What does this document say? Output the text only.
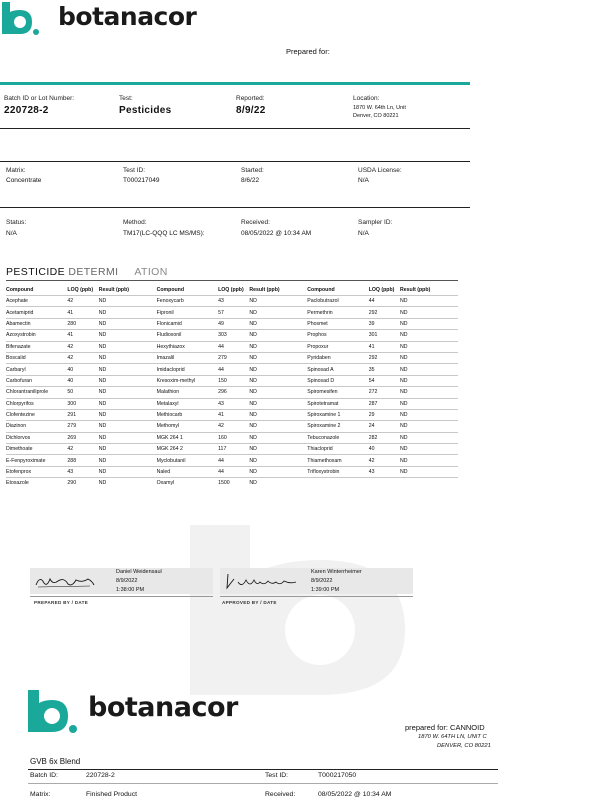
botanacor
Prepared for:
Batch ID or Lot Number:
220728-2
Test:
Pesticides
Reported:
8/9/22
Location:
1870 W. 64th Ln, Unit
Denver, CO 80221
Matrix:
Concentrate
Test ID:
T000217049
Started:
8/6/22
USDA License:
N/A
Status:
N/A
Method:
TM17(LC-QQQ LC MS/MS):
Received:
08/05/2022 @ 10:34 AM
Sampler ID:
N/A
PESTICIDE DETERMI ATION
Compound	LOQ (ppb)	Result (ppb)	Compound	LOQ (ppb)	Result (ppb)	Compound	LOQ (ppb)	Result (ppb)
Acephate	42	ND	Fenoxycarb	43	ND	Paclobutrazol	44	ND
Acetamiprid	41	ND	Fipronil	57	ND	Permethrin	292	ND
Abamectin	280	ND	Flonicamid	49	ND	Phosmet	39	ND
Azoxystrobin	41	ND	Fludioxonil	303	ND	Prophos	301	ND
Bifenazate	42	ND	Hexythiazox	44	ND	Propoxur	41	ND
Boscalid	42	ND	Imazalil	279	ND	Pyridaben	292	ND
Carbaryl	40	ND	Imidacloprid	44	ND	Spinosad A	35	ND
Carbofuran	40	ND	Kresoxim-methyl	150	ND	Spinosad D	54	ND
Chlorantraniliprole	50	ND	Malathion	296	ND	Spiromesifen	272	ND
Chlorpyrifos	300	ND	Metalaxyl	43	ND	Spirotetramat	287	ND
Clofentezine	291	ND	Methiocarb	41	ND	Spiroxamine 1	29	ND
Diazinon	279	ND	Methomyl	42	ND	Spiroxamine 2	24	ND
Dichlorvos	269	ND	MGK 264 1	160	ND	Tebuconazole	282	ND
Dimethoate	42	ND	MGK 264 2	117	ND	Thiacloprid	40	ND
E-Fenpyroximate	288	ND	Myclobutanil	44	ND	Thiamethoxam	42	ND
Etofenprox	43	ND	Naled	44	ND	Trifloxystrobin	43	ND
Etoxazole	290	ND	Oxamyl	1500	ND			
Daniel Weidensaul
8/9/2022
1:38:00 PM
PREPARED BY / DATE
Karen Winterrheimer
8/9/2022
1:39:00 PM
APPROVED BY / DATE
botanacor
prepared for: CANNOID
1870 W. 64TH LN, UNIT C
DENVER, CO 80221
GVB 6x Blend
Batch ID:	220728-2	Test ID:	T000217050
Matrix:	Finished Product	Received:	08/05/2022 @ 10:34 AM
